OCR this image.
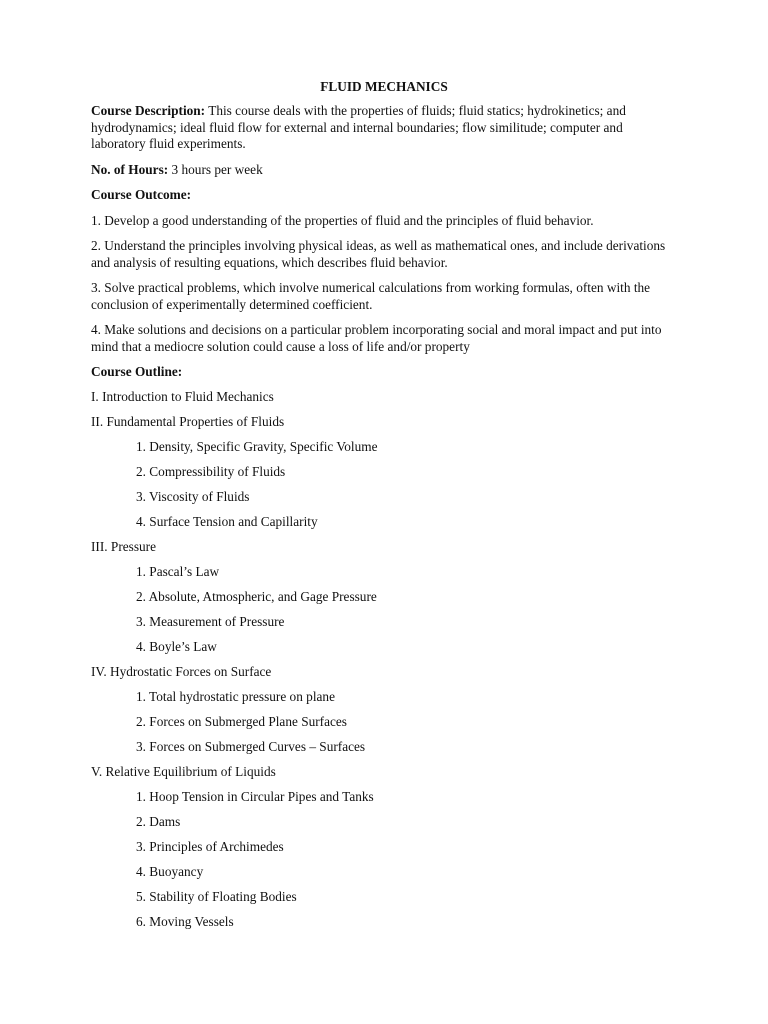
FLUID MECHANICS

Course Description: This course deals with the properties of fluids; fluid statics; hydrokinetics; and hydrodynamics; ideal fluid flow for external and internal boundaries; flow similitude; computer and laboratory fluid experiments.

No. of Hours: 3 hours per week

Course Outcome:

1. Develop a good understanding of the properties of fluid and the principles of fluid behavior.

2. Understand the principles involving physical ideas, as well as mathematical ones, and include derivations and analysis of resulting equations, which describes fluid behavior.

3. Solve practical problems, which involve numerical calculations from working formulas, often with the conclusion of experimentally determined coefficient.

4. Make solutions and decisions on a particular problem incorporating social and moral impact and put into mind that a mediocre solution could cause a loss of life and/or property

Course Outline:

I. Introduction to Fluid Mechanics

II. Fundamental Properties of Fluids

1. Density, Specific Gravity, Specific Volume

2. Compressibility of Fluids

3. Viscosity of Fluids

4. Surface Tension and Capillarity

III. Pressure

1. Pascal’s Law

2. Absolute, Atmospheric, and Gage Pressure

3. Measurement of Pressure

4. Boyle’s Law

IV. Hydrostatic Forces on Surface

1. Total hydrostatic pressure on plane

2. Forces on Submerged Plane Surfaces

3. Forces on Submerged Curves – Surfaces

V. Relative Equilibrium of Liquids

1. Hoop Tension in Circular Pipes and Tanks

2. Dams

3. Principles of Archimedes

4. Buoyancy

5. Stability of Floating Bodies

6. Moving Vessels
